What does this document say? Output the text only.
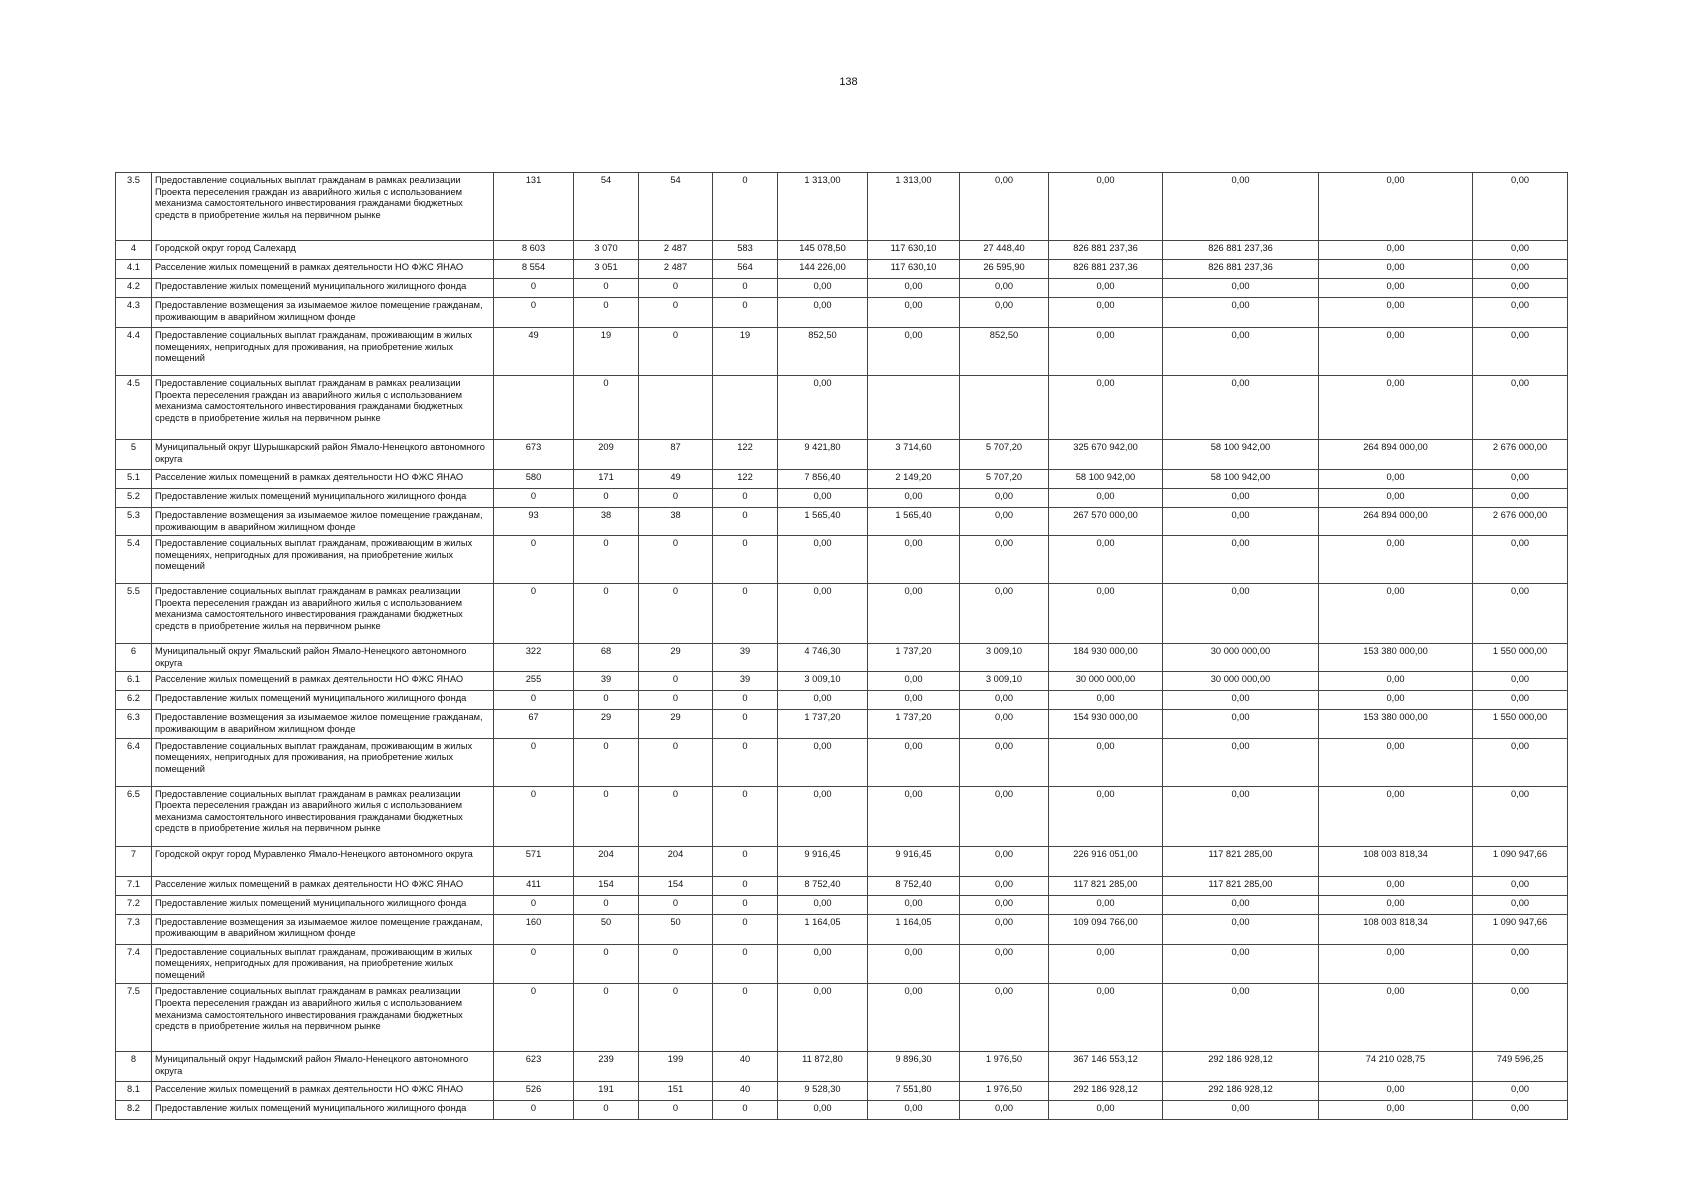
138
3.5	Предоставление социальных выплат гражданам в рамках реализации Проекта переселения граждан из аварийного жилья с использованием механизма самостоятельного инвестирования гражданами бюджетных средств в приобретение жилья на первичном рынке	131	54	54	0	1 313,00	1 313,00	0,00	0,00	0,00	0,00	0,00
4	Городской округ город Салехард	8 603	3 070	2 487	583	145 078,50	117 630,10	27 448,40	826 881 237,36	826 881 237,36	0,00	0,00
4.1	Расселение жилых помещений в рамках деятельности НО ФЖС ЯНАО	8 554	3 051	2 487	564	144 226,00	117 630,10	26 595,90	826 881 237,36	826 881 237,36	0,00	0,00
4.2	Предоставление жилых помещений муниципального жилищного фонда	0	0	0	0	0,00	0,00	0,00	0,00	0,00	0,00	0,00
4.3	Предоставление возмещения за изымаемое жилое помещение гражданам, проживающим в аварийном жилищном фонде	0	0	0	0	0,00	0,00	0,00	0,00	0,00	0,00	0,00
4.4	Предоставление социальных выплат гражданам, проживающим в жилых помещениях, непригодных для проживания, на приобретение жилых помещений	49	19	0	19	852,50	0,00	852,50	0,00	0,00	0,00	0,00
4.5	Предоставление социальных выплат гражданам в рамках реализации Проекта переселения граждан из аварийного жилья с использованием механизма самостоятельного инвестирования гражданами бюджетных средств в приобретение жилья на первичном рынке		0			0,00			0,00	0,00	0,00	0,00
5	Муниципальный округ Шурышкарский район Ямало-Ненецкого автономного округа	673	209	87	122	9 421,80	3 714,60	5 707,20	325 670 942,00	58 100 942,00	264 894 000,00	2 676 000,00
5.1	Расселение жилых помещений в рамках деятельности НО ФЖС ЯНАО	580	171	49	122	7 856,40	2 149,20	5 707,20	58 100 942,00	58 100 942,00	0,00	0,00
5.2	Предоставление жилых помещений муниципального жилищного фонда	0	0	0	0	0,00	0,00	0,00	0,00	0,00	0,00	0,00
5.3	Предоставление возмещения за изымаемое жилое помещение гражданам, проживающим в аварийном жилищном фонде	93	38	38	0	1 565,40	1 565,40	0,00	267 570 000,00	0,00	264 894 000,00	2 676 000,00
5.4	Предоставление социальных выплат гражданам, проживающим в жилых помещениях, непригодных для проживания, на приобретение жилых помещений	0	0	0	0	0,00	0,00	0,00	0,00	0,00	0,00	0,00
5.5	Предоставление социальных выплат гражданам в рамках реализации Проекта переселения граждан из аварийного жилья с использованием механизма самостоятельного инвестирования гражданами бюджетных средств в приобретение жилья на первичном рынке	0	0	0	0	0,00	0,00	0,00	0,00	0,00	0,00	0,00
6	Муниципальный округ Ямальский район Ямало-Ненецкого автономного округа	322	68	29	39	4 746,30	1 737,20	3 009,10	184 930 000,00	30 000 000,00	153 380 000,00	1 550 000,00
6.1	Расселение жилых помещений в рамках деятельности НО ФЖС ЯНАО	255	39	0	39	3 009,10	0,00	3 009,10	30 000 000,00	30 000 000,00	0,00	0,00
6.2	Предоставление жилых помещений муниципального жилищного фонда	0	0	0	0	0,00	0,00	0,00	0,00	0,00	0,00	0,00
6.3	Предоставление возмещения за изымаемое жилое помещение гражданам, проживающим в аварийном жилищном фонде	67	29	29	0	1 737,20	1 737,20	0,00	154 930 000,00	0,00	153 380 000,00	1 550 000,00
6.4	Предоставление социальных выплат гражданам, проживающим в жилых помещениях, непригодных для проживания, на приобретение жилых помещений	0	0	0	0	0,00	0,00	0,00	0,00	0,00	0,00	0,00
6.5	Предоставление социальных выплат гражданам в рамках реализации Проекта переселения граждан из аварийного жилья с использованием механизма самостоятельного инвестирования гражданами бюджетных средств в приобретение жилья на первичном рынке	0	0	0	0	0,00	0,00	0,00	0,00	0,00	0,00	0,00
7	Городской округ город Муравленко Ямало-Ненецкого автономного округа	571	204	204	0	9 916,45	9 916,45	0,00	226 916 051,00	117 821 285,00	108 003 818,34	1 090 947,66
7.1	Расселение жилых помещений в рамках деятельности НО ФЖС ЯНАО	411	154	154	0	8 752,40	8 752,40	0,00	117 821 285,00	117 821 285,00	0,00	0,00
7.2	Предоставление жилых помещений муниципального жилищного фонда	0	0	0	0	0,00	0,00	0,00	0,00	0,00	0,00	0,00
7.3	Предоставление возмещения за изымаемое жилое помещение гражданам, проживающим в аварийном жилищном фонде	160	50	50	0	1 164,05	1 164,05	0,00	109 094 766,00	0,00	108 003 818,34	1 090 947,66
7.4	Предоставление социальных выплат гражданам, проживающим в жилых помещениях, непригодных для проживания, на приобретение жилых помещений	0	0	0	0	0,00	0,00	0,00	0,00	0,00	0,00	0,00
7.5	Предоставление социальных выплат гражданам в рамках реализации Проекта переселения граждан из аварийного жилья с использованием механизма самостоятельного инвестирования гражданами бюджетных средств в приобретение жилья на первичном рынке	0	0	0	0	0,00	0,00	0,00	0,00	0,00	0,00	0,00
8	Муниципальный округ Надымский район Ямало-Ненецкого автономного округа	623	239	199	40	11 872,80	9 896,30	1 976,50	367 146 553,12	292 186 928,12	74 210 028,75	749 596,25
8.1	Расселение жилых помещений в рамках деятельности НО ФЖС ЯНАО	526	191	151	40	9 528,30	7 551,80	1 976,50	292 186 928,12	292 186 928,12	0,00	0,00
8.2	Предоставление жилых помещений муниципального жилищного фонда	0	0	0	0	0,00	0,00	0,00	0,00	0,00	0,00	0,00
